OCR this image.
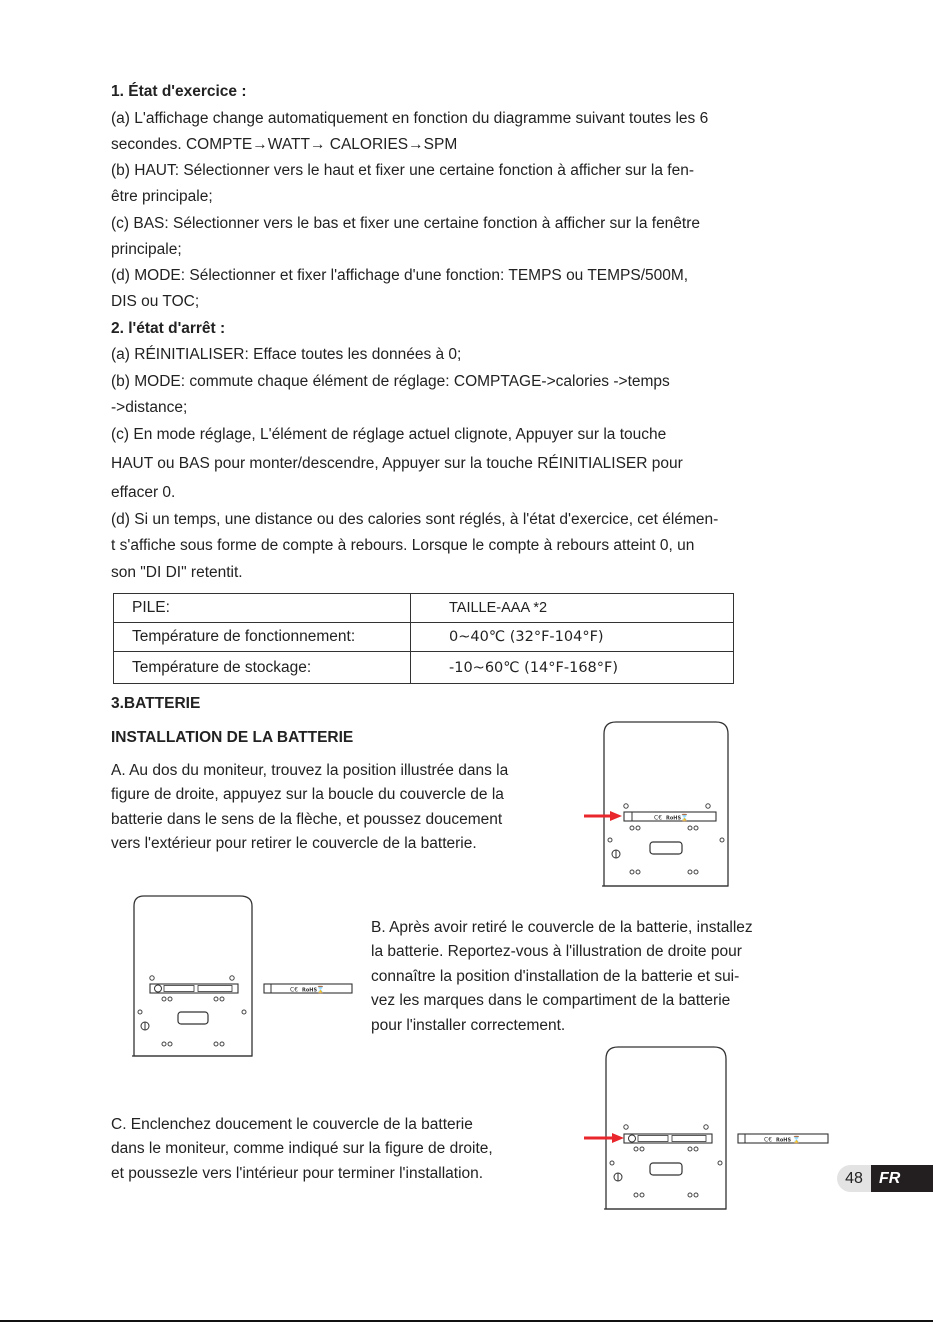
1. État d'exercice :
(a) L'affichage change automatiquement en fonction du diagramme suivant toutes les 6
secondes. COMPTE→WATT→ CALORIES→SPM
(b) HAUT: Sélectionner vers le haut et fixer une certaine fonction à afficher sur la fen-
être principale;
(c) BAS: Sélectionner vers le bas et fixer une certaine fonction à afficher sur la fenêtre
principale;
(d) MODE: Sélectionner et fixer l'affichage d'une fonction: TEMPS ou TEMPS/500M,
DIS ou TOC;
2. l'état d'arrêt :
(a) RÉINITIALISER: Efface toutes les données à 0;
(b) MODE: commute chaque élément de réglage: COMPTAGE->calories ->temps
->distance;
(c) En mode réglage, L'élément de réglage actuel clignote, Appuyer sur la touche
HAUT ou BAS pour monter/descendre, Appuyer sur la touche RÉINITIALISER pour
effacer 0.
(d) Si un temps, une distance ou des calories sont réglés, à l'état d'exercice, cet élémen-
t s'affiche sous forme de compte à rebours. Lorsque le compte à rebours atteint 0, un
son "DI DI" retentit.
PILE:	TAILLE-AAA *2
Température de fonctionnement:	0~40℃ (32°F-104°F)
Température de stockage:	-10~60℃ (14°F-168°F)
3.BATTERIE
INSTALLATION DE LA BATTERIE
A. Au dos du moniteur, trouvez la position illustrée dans la
figure de droite, appuyez sur la boucle du couvercle de la
batterie dans le sens de la flèche, et poussez doucement
vers l'extérieur pour retirer le couvercle de la batterie.
B. Après avoir retiré le couvercle de la batterie, installez
la batterie. Reportez-vous à l'illustration de droite pour
connaître la position d'installation de la batterie et sui-
vez les marques dans le compartiment de la batterie
pour l'installer correctement.
C. Enclenchez doucement le couvercle de la batterie
dans le moniteur, comme indiqué sur la figure de droite,
et poussezle vers l'intérieur pour terminer l'installation.
C€ RoHS
⌛
C€ RoHS
⌛
C€ RoHS ⌛
48	FR
